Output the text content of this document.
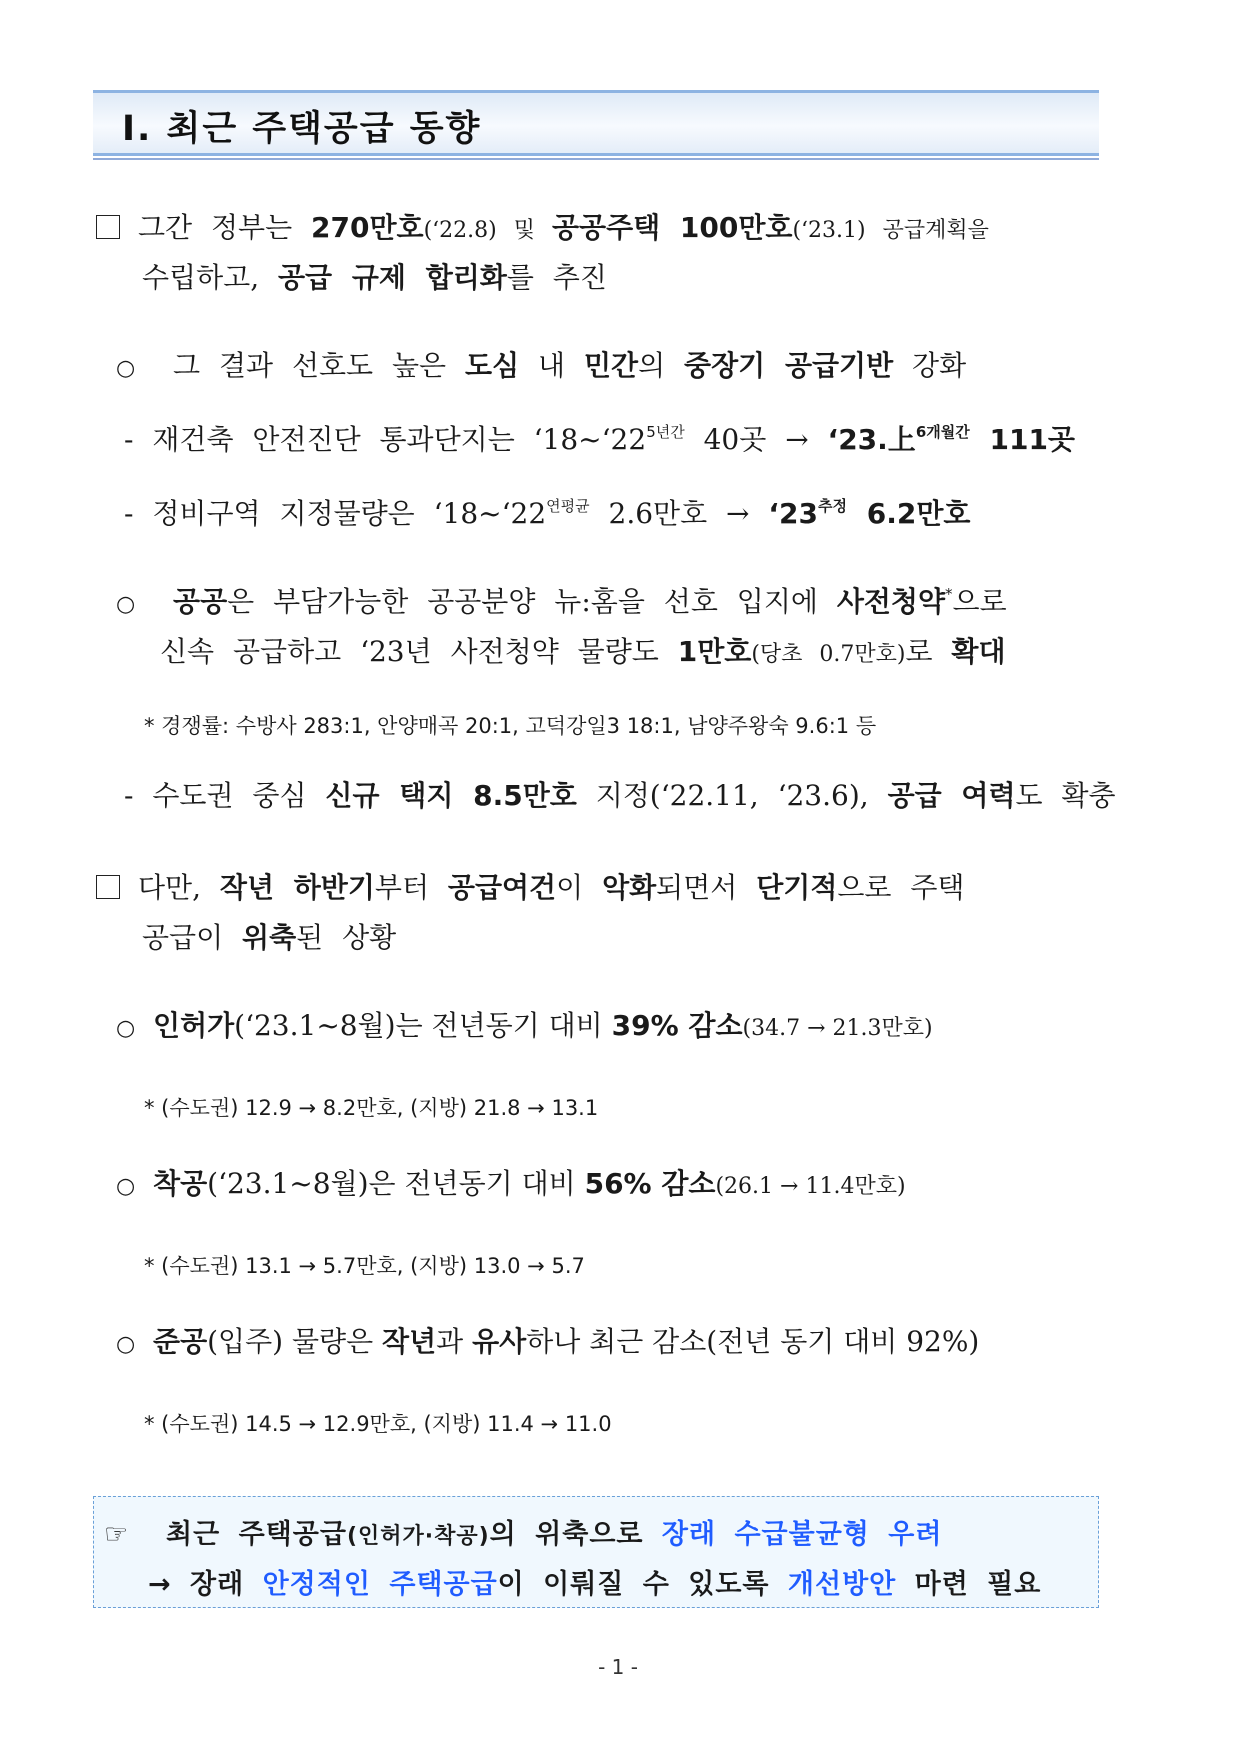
Ⅰ. 최근 주택공급 동향
그간 정부는 270만호(‘22.8) 및 공공주택 100만호(‘23.1) 공급계획을
수립하고, 공급 규제 합리화를 추진
○ 그 결과 선호도 높은 도심 내 민간의 중장기 공급기반 강화
- 재건축 안전진단 통과단지는 ‘$18\sim‘22^{5년간}$ 40곳 → ‘23.上$^{6개월간}$ 111곳
- 정비구역 지정물량은 ‘$18\sim‘22^{연평균}$ 2.6만호 → ‘$23^{추정}$ 6.2만호
○ 공공은 부담가능한 공공분양 뉴:홈을 선호 입지에 사전청약*으로
신속 공급하고 ‘23년 사전청약 물량도 1만호(당초 0.7만호)로 확대
* 경쟁률: 수방사 283:1, 안양매곡 20:1, 고덕강일3 18:1, 남양주왕숙 9.6:1 등
- 수도권 중심 신규 택지 8.5만호 지정(‘22.11, ‘23.6), 공급 여력도 확충
다만, 작년 하반기부터 공급여건이 악화되면서 단기적으로 주택
공급이 위축된 상황
○ 인허가(‘23.1~8월)는 전년동기 대비 39% 감소(34.7 → 21.3만호)
* (수도권) 12.9 → 8.2만호, (지방) 21.8 → 13.1
○ 착공(‘23.1~8월)은 전년동기 대비 56% 감소(26.1 → 11.4만호)
* (수도권) 13.1 → 5.7만호, (지방) 13.0 → 5.7
○ 준공(입주) 물량은 작년과 유사하나 최근 감소(전년 동기 대비 92%)
* (수도권) 14.5 → 12.9만호, (지방) 11.4 → 11.0
☞ 최근 주택공급(인허가·착공)의 위축으로 장래 수급불균형 우려
→ 장래 안정적인 주택공급이 이뤄질 수 있도록 개선방안 마련 필요
- 1 -
